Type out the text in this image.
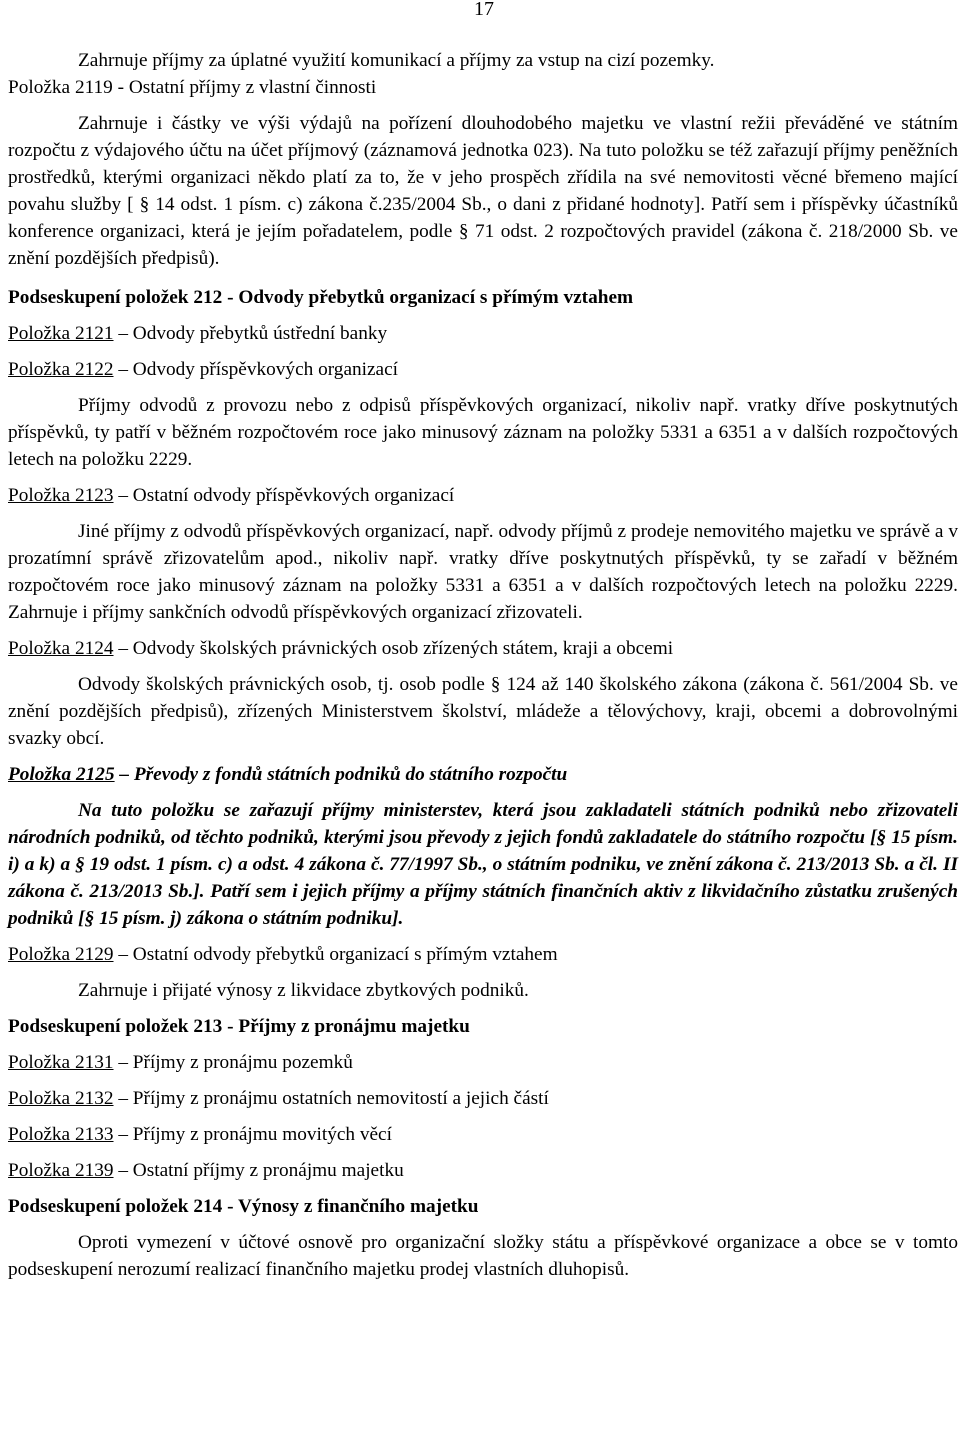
17

Zahrnuje příjmy za úplatné využití komunikací a příjmy za vstup na cizí pozemky.

Položka 2119 - Ostatní příjmy z vlastní činnosti

Zahrnuje i částky ve výši výdajů na pořízení dlouhodobého majetku ve vlastní režii převáděné ve státním rozpočtu z výdajového účtu na účet příjmový (záznamová jednotka 023). Na tuto položku se též zařazují příjmy peněžních prostředků, kterými organizaci někdo platí za to, že v jeho prospěch zřídila na své nemovitosti věcné břemeno mající povahu služby [ § 14 odst. 1 písm. c) zákona č.235/2004 Sb., o dani z přidané hodnoty]. Patří sem i příspěvky účastníků konference organizaci, která je jejím pořadatelem, podle § 71 odst. 2 rozpočtových pravidel (zákona č. 218/2000 Sb. ve znění pozdějších předpisů).

Podseskupení položek 212 - Odvody přebytků organizací s přímým vztahem

Položka 2121 – Odvody přebytků ústřední banky

Položka 2122 – Odvody příspěvkových organizací

Příjmy odvodů z provozu nebo z odpisů příspěvkových organizací, nikoliv např. vratky dříve poskytnutých příspěvků, ty patří v běžném rozpočtovém roce jako minusový záznam na položky 5331 a 6351 a v dalších rozpočtových letech na položku 2229.

Položka 2123 – Ostatní odvody příspěvkových organizací

Jiné příjmy z odvodů příspěvkových organizací, např. odvody příjmů z prodeje nemovitého majetku ve správě a v prozatímní správě zřizovatelům apod., nikoliv např. vratky dříve poskytnutých příspěvků, ty se zařadí v běžném rozpočtovém roce jako minusový záznam na položky 5331 a 6351 a v dalších rozpočtových letech na položku 2229. Zahrnuje i příjmy sankčních odvodů příspěvkových organizací zřizovateli.

Položka 2124 – Odvody školských právnických osob zřízených státem, kraji a obcemi

Odvody školských právnických osob, tj. osob podle § 124 až 140 školského zákona (zákona č. 561/2004 Sb. ve znění pozdějších předpisů), zřízených Ministerstvem školství, mládeže a tělovýchovy, kraji, obcemi a dobrovolnými svazky obcí.

Položka 2125 – Převody z fondů státních podniků do státního rozpočtu

Na tuto položku se zařazují příjmy ministerstev, která jsou zakladateli státních podniků nebo zřizovateli národních podniků, od těchto podniků, kterými jsou převody z jejich fondů zakladatele do státního rozpočtu [§ 15 písm. i) a k) a § 19 odst. 1 písm. c) a odst. 4 zákona č. 77/1997 Sb., o státním podniku, ve znění zákona č. 213/2013 Sb. a čl. II zákona č. 213/2013 Sb.]. Patří sem i jejich příjmy a příjmy státních finančních aktiv z likvidačního zůstatku zrušených podniků [§ 15 písm. j) zákona o státním podniku].

Položka 2129 – Ostatní odvody přebytků organizací s přímým vztahem

Zahrnuje i přijaté výnosy z likvidace zbytkových podniků.

Podseskupení položek 213 - Příjmy z pronájmu majetku

Položka 2131 – Příjmy z pronájmu pozemků

Položka 2132 – Příjmy z pronájmu ostatních nemovitostí a jejich částí

Položka 2133 – Příjmy z pronájmu movitých věcí

Položka 2139 – Ostatní příjmy z pronájmu majetku

Podseskupení položek 214 - Výnosy z finančního majetku

Oproti vymezení v účtové osnově pro organizační složky státu a příspěvkové organizace a obce se v tomto podseskupení nerozumí realizací finančního majetku prodej vlastních dluhopisů.
